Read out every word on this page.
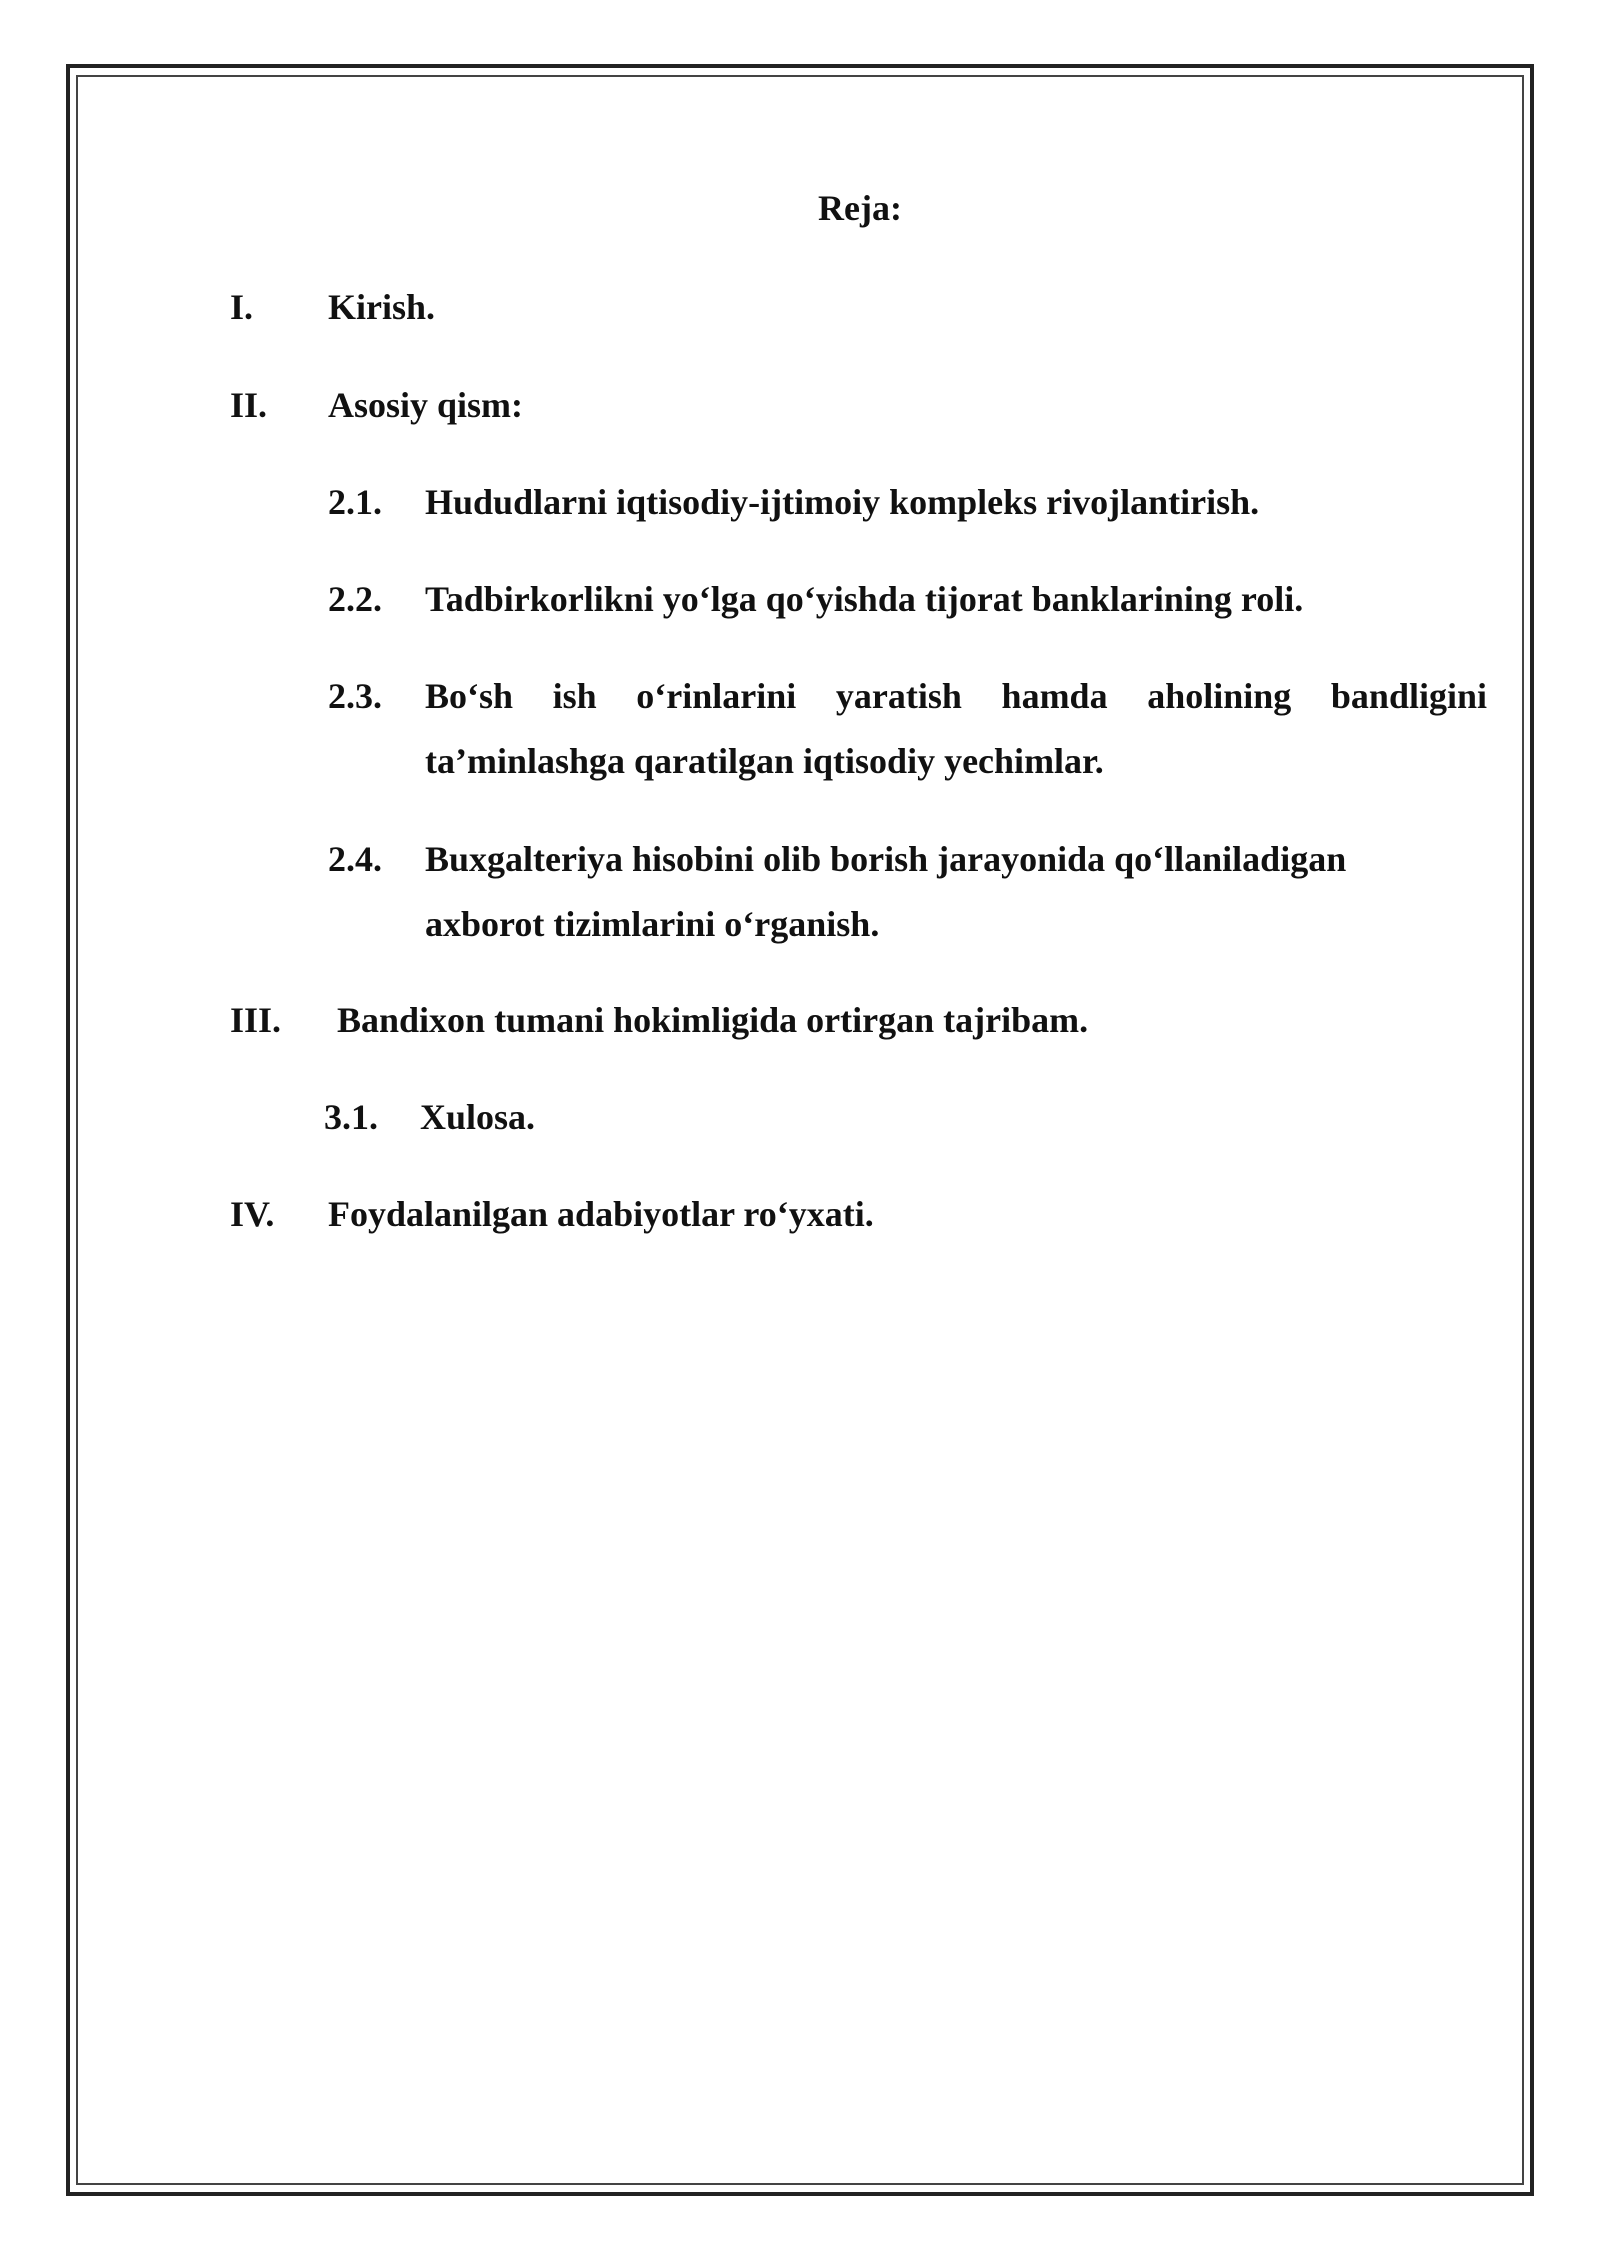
Reja:
I. Kirish.
II. Asosiy qism:
2.1. Hududlarni iqtisodiy-ijtimoiy kompleks rivojlantirish.
2.2. Tadbirkorlikni yo‘lga qo‘yishda tijorat banklarining roli.
2.3. Bo‘sh ish o‘rinlarini yaratish hamda aholining bandligini
ta’minlashga qaratilgan iqtisodiy yechimlar.
2.4. Buxgalteriya hisobini olib borish jarayonida qo‘llaniladigan
axborot tizimlarini o‘rganish.
III. Bandixon tumani hokimligida ortirgan tajribam.
3.1. Xulosa.
IV. Foydalanilgan adabiyotlar ro‘yxati.
